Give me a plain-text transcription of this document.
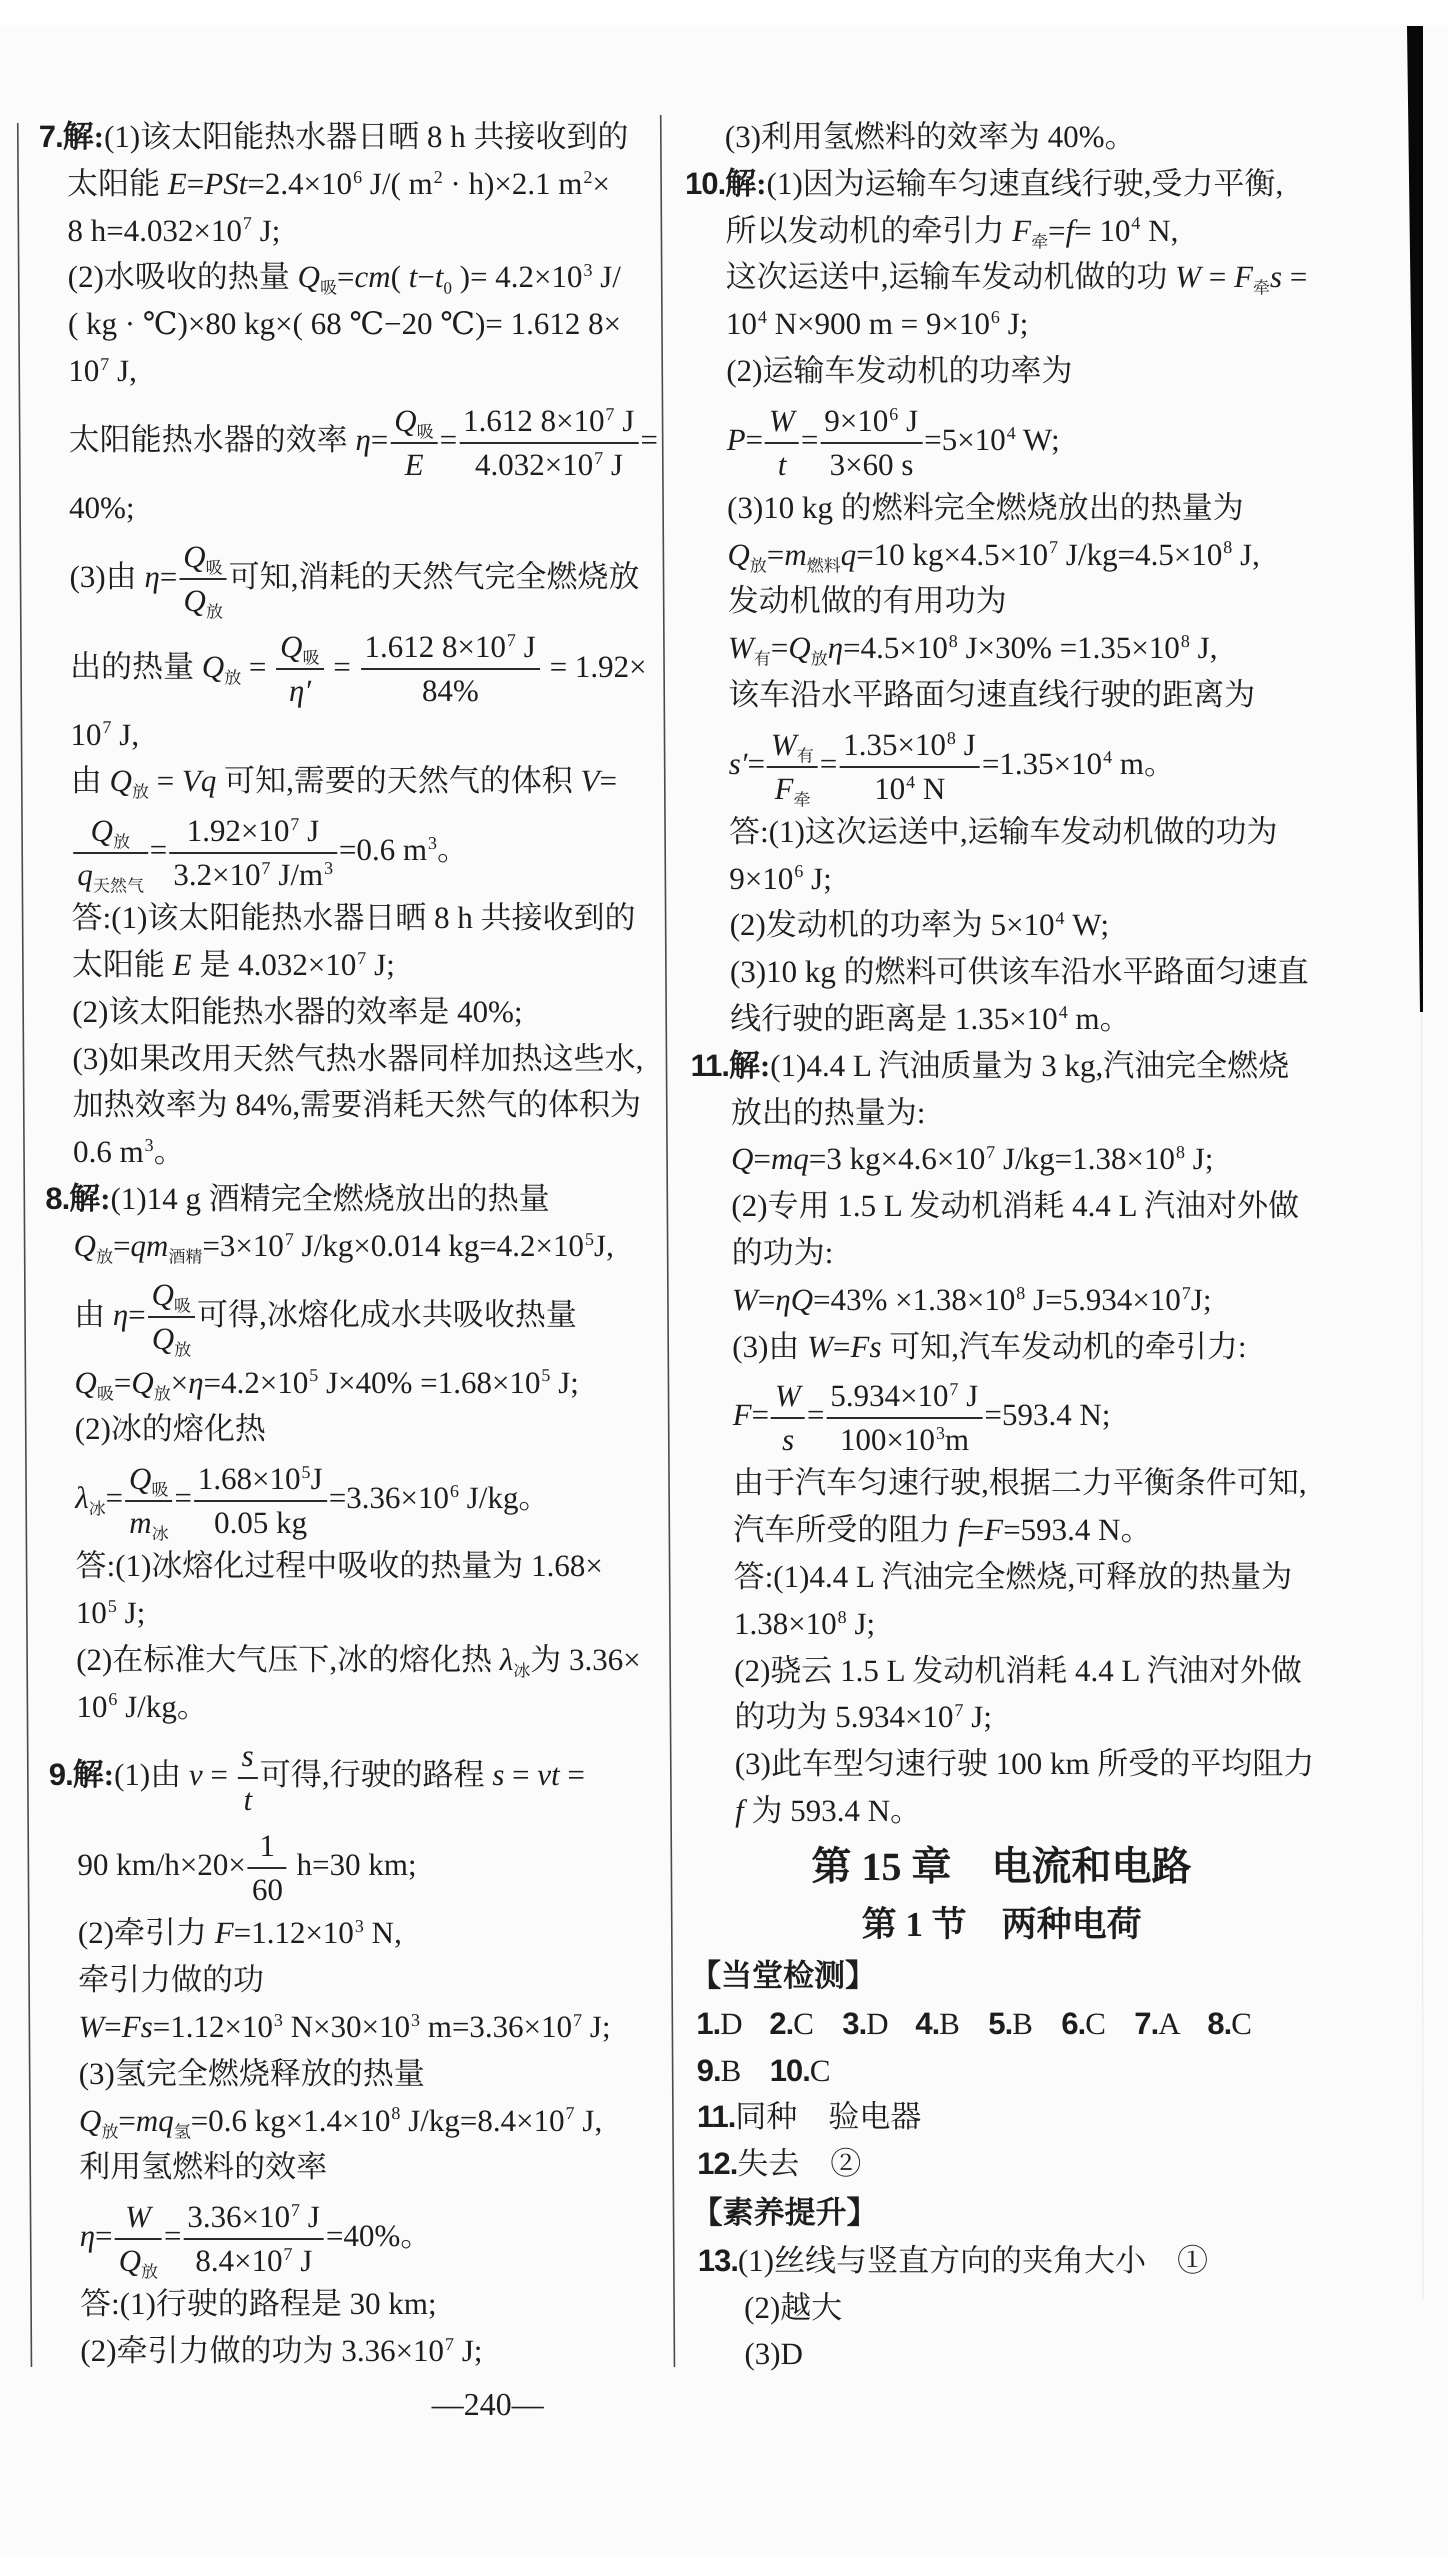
7.解:(1)该太阳能热水器日晒 8 h 共接收到的
太阳能 $E=PSt=2.4\times 10^6$ J/( $m^2 \cdot h)\times 2.1$ $m^2\times$
8 $h=4.032\times 10^7$ J;
(2)水吸收的热量 $Q_吸=cm$( $t-t_0$ )= $4.2\times 10^3$ J/
( kg · ℃)×80 kg×( 68 ℃−20 ℃)= 1.612 8×
$10^7$ J,
太阳能热水器的效率 $\eta= \frac{Q_吸}{E} = \frac{1.612 8\times 10^7 J}{4.032\times 10^7 J}$ =
40%;
(3)由 $\eta= \frac{Q_吸}{Q_放}$ 可知,消耗的天然气完全燃烧放
出的热量 $Q_放 = \frac{Q_吸}{\eta'} = \frac{1.612 8\times 10^7 J}{84\%} = 1.92\times$
$10^7$ J,
由 $Q_放 = Vq$ 可知,需要的天然气的体积 V=
$\frac{Q_放}{q_{天然气}} = \frac{1.92\times 10^7 J}{3.2\times 10^7 J/m^3} =0.6$ $m^3$。
答:(1)该太阳能热水器日晒 8 h 共接收到的
太阳能 E 是 $4.032\times 10^7$ J;
(2)该太阳能热水器的效率是 40%;
(3)如果改用天然气热水器同样加热这些水,
加热效率为 84%,需要消耗天然气的体积为
0.6 $m^3$。
8.解:(1)14 g 酒精完全燃烧放出的热量
$Q_放=qm_{酒精}=3\times 10^7$ J/kg×0.014 $kg=4.2\times 10^5J$,
由 $\eta= \frac{Q_吸}{Q_放}$ 可得,冰熔化成水共吸收热量
$Q_吸=Q_放\times\eta=4.2\times 10^5$ $J\times 40\% =1.68\times 10^5$ J;
(2)冰的熔化热
$\lambda_冰= \frac{Q_吸}{m_冰} = \frac{1.68\times 10^5J}{0.05 kg} =3.36\times 10^6$ J/kg。
答:(1)冰熔化过程中吸收的热量为 1.68×
$10^5$ J;
(2)在标准大气压下,冰的熔化热 $\lambda_冰$为 3.36×
$10^6$ J/kg。
9.解:(1)由 $v = \frac{s}{t}$ 可得,行驶的路程 s = vt =
90 $km/h\times 20\times \frac{1}{60} h=30$ km;
(2)牵引力 $F=1.12\times 10^3$ N,
牵引力做的功
$W=Fs=1.12\times 10^3$ $N\times 30\times 10^3$ $m=3.36\times 10^7$ J;
(3)氢完全燃烧释放的热量
$Q_放=mq_氢=0.6$ $kg\times 1.4\times 10^8$ $J/kg=8.4\times 10^7$ J,
利用氢燃料的效率
$\eta= \frac{W}{Q_放} = \frac{3.36\times 10^7 J}{8.4\times 10^7 J} =40\%$。
答:(1)行驶的路程是 30 km;
(2)牵引力做的功为 $3.36\times 10^7$ J;
(3)利用氢燃料的效率为 40%。
10.解:(1)因为运输车匀速直线行驶,受力平衡,
所以发动机的牵引力 $F_牵=f= 10^4$ N,
这次运送中,运输车发动机做的功 $W = F_牵s$ =
$10^4$ N×900 $m = 9\times 10^6$ J;
(2)运输车发动机的功率为
$P= \frac{W}{t} = \frac{9\times 10^6 J}{3\times 60 s} =5\times 10^4$ W;
(3)10 kg 的燃料完全燃烧放出的热量为
$Q_放=m_{燃料}q=10$ $kg\times 4.5\times 10^7$ $J/kg=4.5\times 10^8$ J,
发动机做的有用功为
$W_有=Q_放\eta=4.5\times 10^8$ $J\times 30\% =1.35\times 10^8$ J,
该车沿水平路面匀速直线行驶的距离为
$s'= \frac{W_有}{F_牵} = \frac{1.35\times 10^8 J}{10^4 N} =1.35\times 10^4$ m。
答:(1)这次运送中,运输车发动机做的功为
$9\times 10^6$ J;
(2)发动机的功率为 $5\times 10^4$ W;
(3)10 kg 的燃料可供该车沿水平路面匀速直
线行驶的距离是 $1.35\times 10^4$ m。
11.解:(1)4.4 L 汽油质量为 3 kg,汽油完全燃烧
放出的热量为:
Q=mq=3 $kg\times 4.6\times 10^7$ $J/kg=1.38\times 10^8$ J;
(2)专用 1.5 L 发动机消耗 4.4 L 汽油对外做
的功为:
$W=\eta Q=43\% \times 1.38\times 10^8$ $J=5.934\times 10^7J$;
(3)由 W=Fs 可知,汽车发动机的牵引力:
$F= \frac{W}{s} = \frac{5.934\times 10^7 J}{100\times 10^3m} =593.4$ N;
由于汽车匀速行驶,根据二力平衡条件可知,
汽车所受的阻力 f=F=593.4 N。
答:(1)4.4 L 汽油完全燃烧,可释放的热量为
$1.38\times 10^8$ J;
(2)骁云 1.5 L 发动机消耗 4.4 L 汽油对外做
的功为 $5.934\times 10^7$ J;
(3)此车型匀速行驶 100 km 所受的平均阻力
f 为 593.4 N。
第 15 章　电流和电路
第 1 节　两种电荷
【当堂检测】
1.D 2.C 3.D 4.B 5.B 6.C 7.A 8.C
9.B 10.C
11.同种　验电器
12.失去　②
【素养提升】
13.(1)丝线与竖直方向的夹角大小　①
(2)越大
(3)D
—240—
